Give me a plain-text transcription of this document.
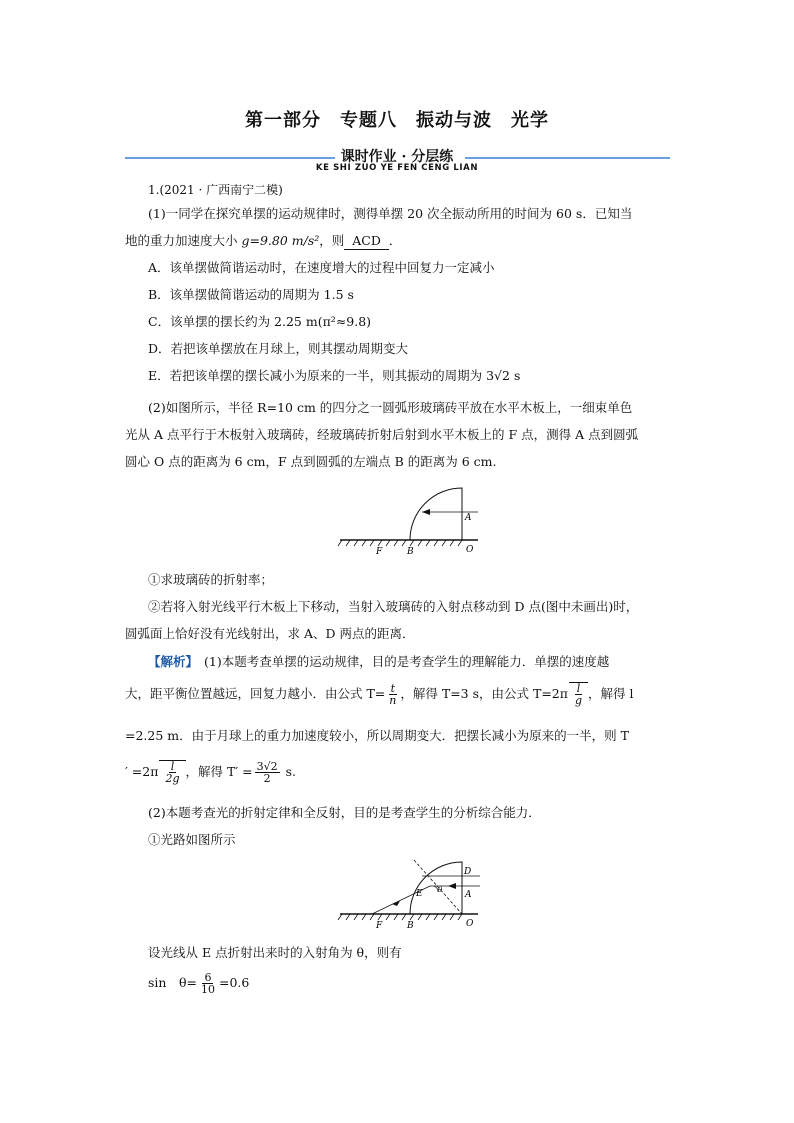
第一部分　专题八　振动与波　光学
课时作业 · 分层练
KE SHI ZUO YE FEN CENG LIAN
1.(2021 · 广西南宁二模)
(1)一同学在探究单摆的运动规律时，测得单摆 20 次全振动所用的时间为 60 s．已知当
地的重力加速度大小 g=9.80 m/s²，则 ACD ．
A．该单摆做简谐运动时，在速度增大的过程中回复力一定减小
B．该单摆做简谐运动的周期为 1.5 s
C．该单摆的摆长约为 2.25 m(π²≈9.8)
D．若把该单摆放在月球上，则其摆动周期变大
E．若把该单摆的摆长减小为原来的一半，则其振动的周期为 3√2 s
(2)如图所示，半径 R=10 cm 的四分之一圆弧形玻璃砖平放在水平木板上，一细束单色
光从 A 点平行于木板射入玻璃砖，经玻璃砖折射后射到水平木板上的 F 点，测得 A 点到圆弧
圆心 O 点的距离为 6 cm，F 点到圆弧的左端点 B 的距离为 6 cm.
A
F	B	O
①求玻璃砖的折射率；
②若将入射光线平行木板上下移动，当射入玻璃砖的入射点移动到 D 点(图中未画出)时，
圆弧面上恰好没有光线射出，求 A、D 两点的距离．
【解析】 (1)本题考查单摆的运动规律，目的是考查学生的理解能力．单摆的速度越
大，距平衡位置越远，回复力越小．由公式 $T= \frac{t}{n}$ ，解得 T=3 s，由公式 $T=2\pi \frac{l}{g}$ ，解得 l
=2.25 m．由于月球上的重力加速度较小，所以周期变大．把摆长减小为原来的一半，则 T
′ $=2\pi \frac{l}{2g}$ ，解得 $T' = \frac{3√2}{2} s$.
(2)本题考查光的折射定律和全反射，目的是考查学生的分析综合能力．
①光路如图所示
D
A
E
F	B	O
θ
设光线从 E 点折射出来时的入射角为 θ，则有
sin　$\theta= \frac{6}{10} =0.6$
